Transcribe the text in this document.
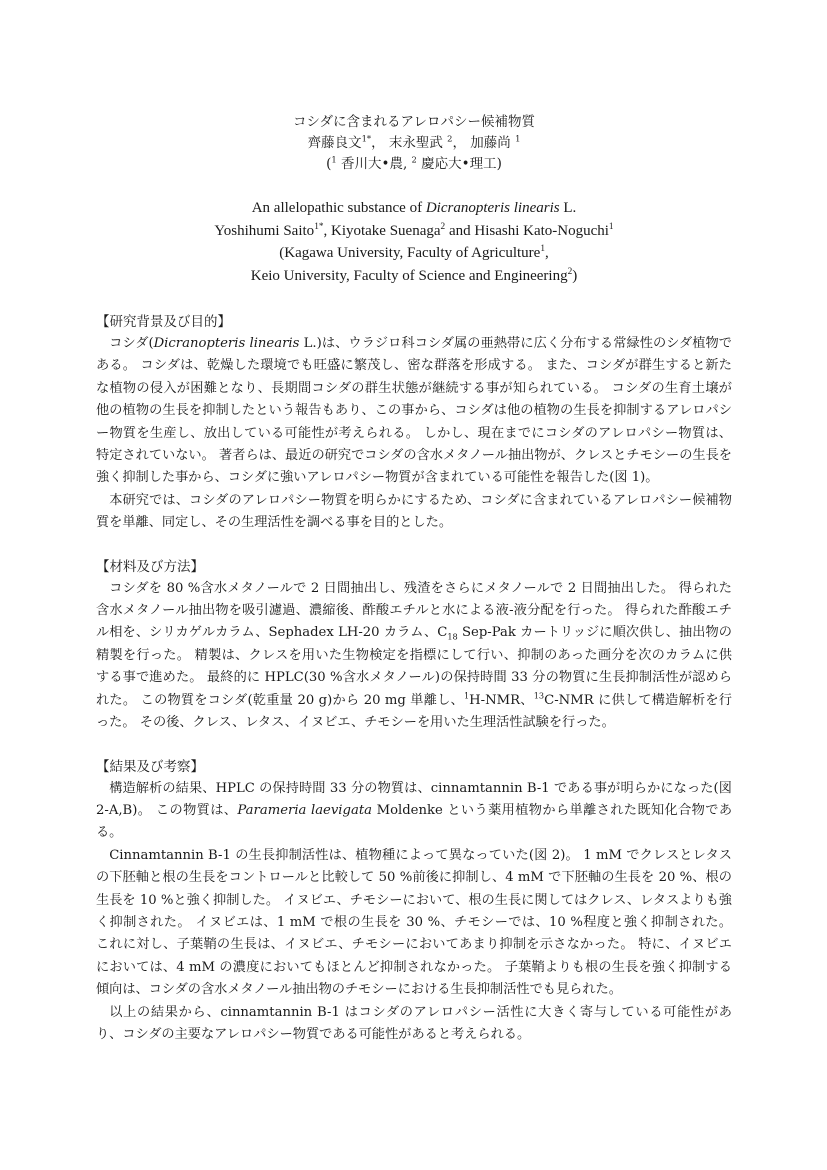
コシダに含まれるアレロパシー候補物質
齊藤良文$^{1*}$， 末永聖武 $^2$， 加藤尚 $^1$
($^1$ 香川大•農, $^2$ 慶応大•理工)
An allelopathic substance of Dicranopteris linearis L.
Yoshihumi Saito$^{1*}$, Kiyotake Suenaga$^2$ and Hisashi Kato-Noguchi$^1$
(Kagawa University, Faculty of Agriculture$^1$,
Keio University, Faculty of Science and Engineering$^2$)

【研究背景及び目的】

コシダ(Dicranopteris linearis L.)は、ウラジロ科コシダ属の亜熱帯に広く分布する常緑性のシダ植物である。 コシダは、乾燥した環境でも旺盛に繁茂し、密な群落を形成する。 また、コシダが群生すると新たな植物の侵入が困難となり、長期間コシダの群生状態が継続する事が知られている。 コシダの生育土壌が他の植物の生長を抑制したという報告もあり、この事から、コシダは他の植物の生長を抑制するアレロパシー物質を生産し、放出している可能性が考えられる。 しかし、現在までにコシダのアレロパシー物質は、特定されていない。 著者らは、最近の研究でコシダの含水メタノール抽出物が、クレスとチモシーの生長を強く抑制した事から、コシダに強いアレロパシー物質が含まれている可能性を報告した(図 1)。

本研究では、コシダのアレロパシー物質を明らかにするため、コシダに含まれているアレロパシー候補物質を単離、同定し、その生理活性を調べる事を目的とした。

【材料及び方法】

コシダを 80 %含水メタノールで 2 日間抽出し、残渣をさらにメタノールで 2 日間抽出した。 得られた含水メタノール抽出物を吸引濾過、濃縮後、酢酸エチルと水による液-液分配を行った。 得られた酢酸エチル相を、シリカゲルカラム、Sephadex LH-20 カラム、$C_{18}$ Sep-Pak カートリッジに順次供し、抽出物の精製を行った。 精製は、クレスを用いた生物検定を指標にして行い、抑制のあった画分を次のカラムに供する事で進めた。 最終的に HPLC(30 %含水メタノール)の保持時間 33 分の物質に生長抑制活性が認められた。 この物質をコシダ(乾重量 20 g)から 20 mg 単離し、$^1$H-NMR、$^{13}$C-NMR に供して構造解析を行った。 その後、クレス、レタス、イヌビエ、チモシーを用いた生理活性試験を行った。

【結果及び考察】

構造解析の結果、HPLC の保持時間 33 分の物質は、cinnamtannin B-1 である事が明らかになった(図 2-A,B)。 この物質は、Parameria laevigata Moldenke という薬用植物から単離された既知化合物である。

Cinnamtannin B-1 の生長抑制活性は、植物種によって異なっていた(図 2)。 1 mM でクレスとレタスの下胚軸と根の生長をコントロールと比較して 50 %前後に抑制し、4 mM で下胚軸の生長を 20 %、根の生長を 10 %と強く抑制した。 イヌビエ、チモシーにおいて、根の生長に関してはクレス、レタスよりも強く抑制された。 イヌビエは、1 mM で根の生長を 30 %、チモシーでは、10 %程度と強く抑制された。 これに対し、子葉鞘の生長は、イヌビエ、チモシーにおいてあまり抑制を示さなかった。 特に、イヌビエにおいては、4 mM の濃度においてもほとんど抑制されなかった。 子葉鞘よりも根の生長を強く抑制する傾向は、コシダの含水メタノール抽出物のチモシーにおける生長抑制活性でも見られた。

以上の結果から、cinnamtannin B-1 はコシダのアレロパシー活性に大きく寄与している可能性があり、コシダの主要なアレロパシー物質である可能性があると考えられる。
